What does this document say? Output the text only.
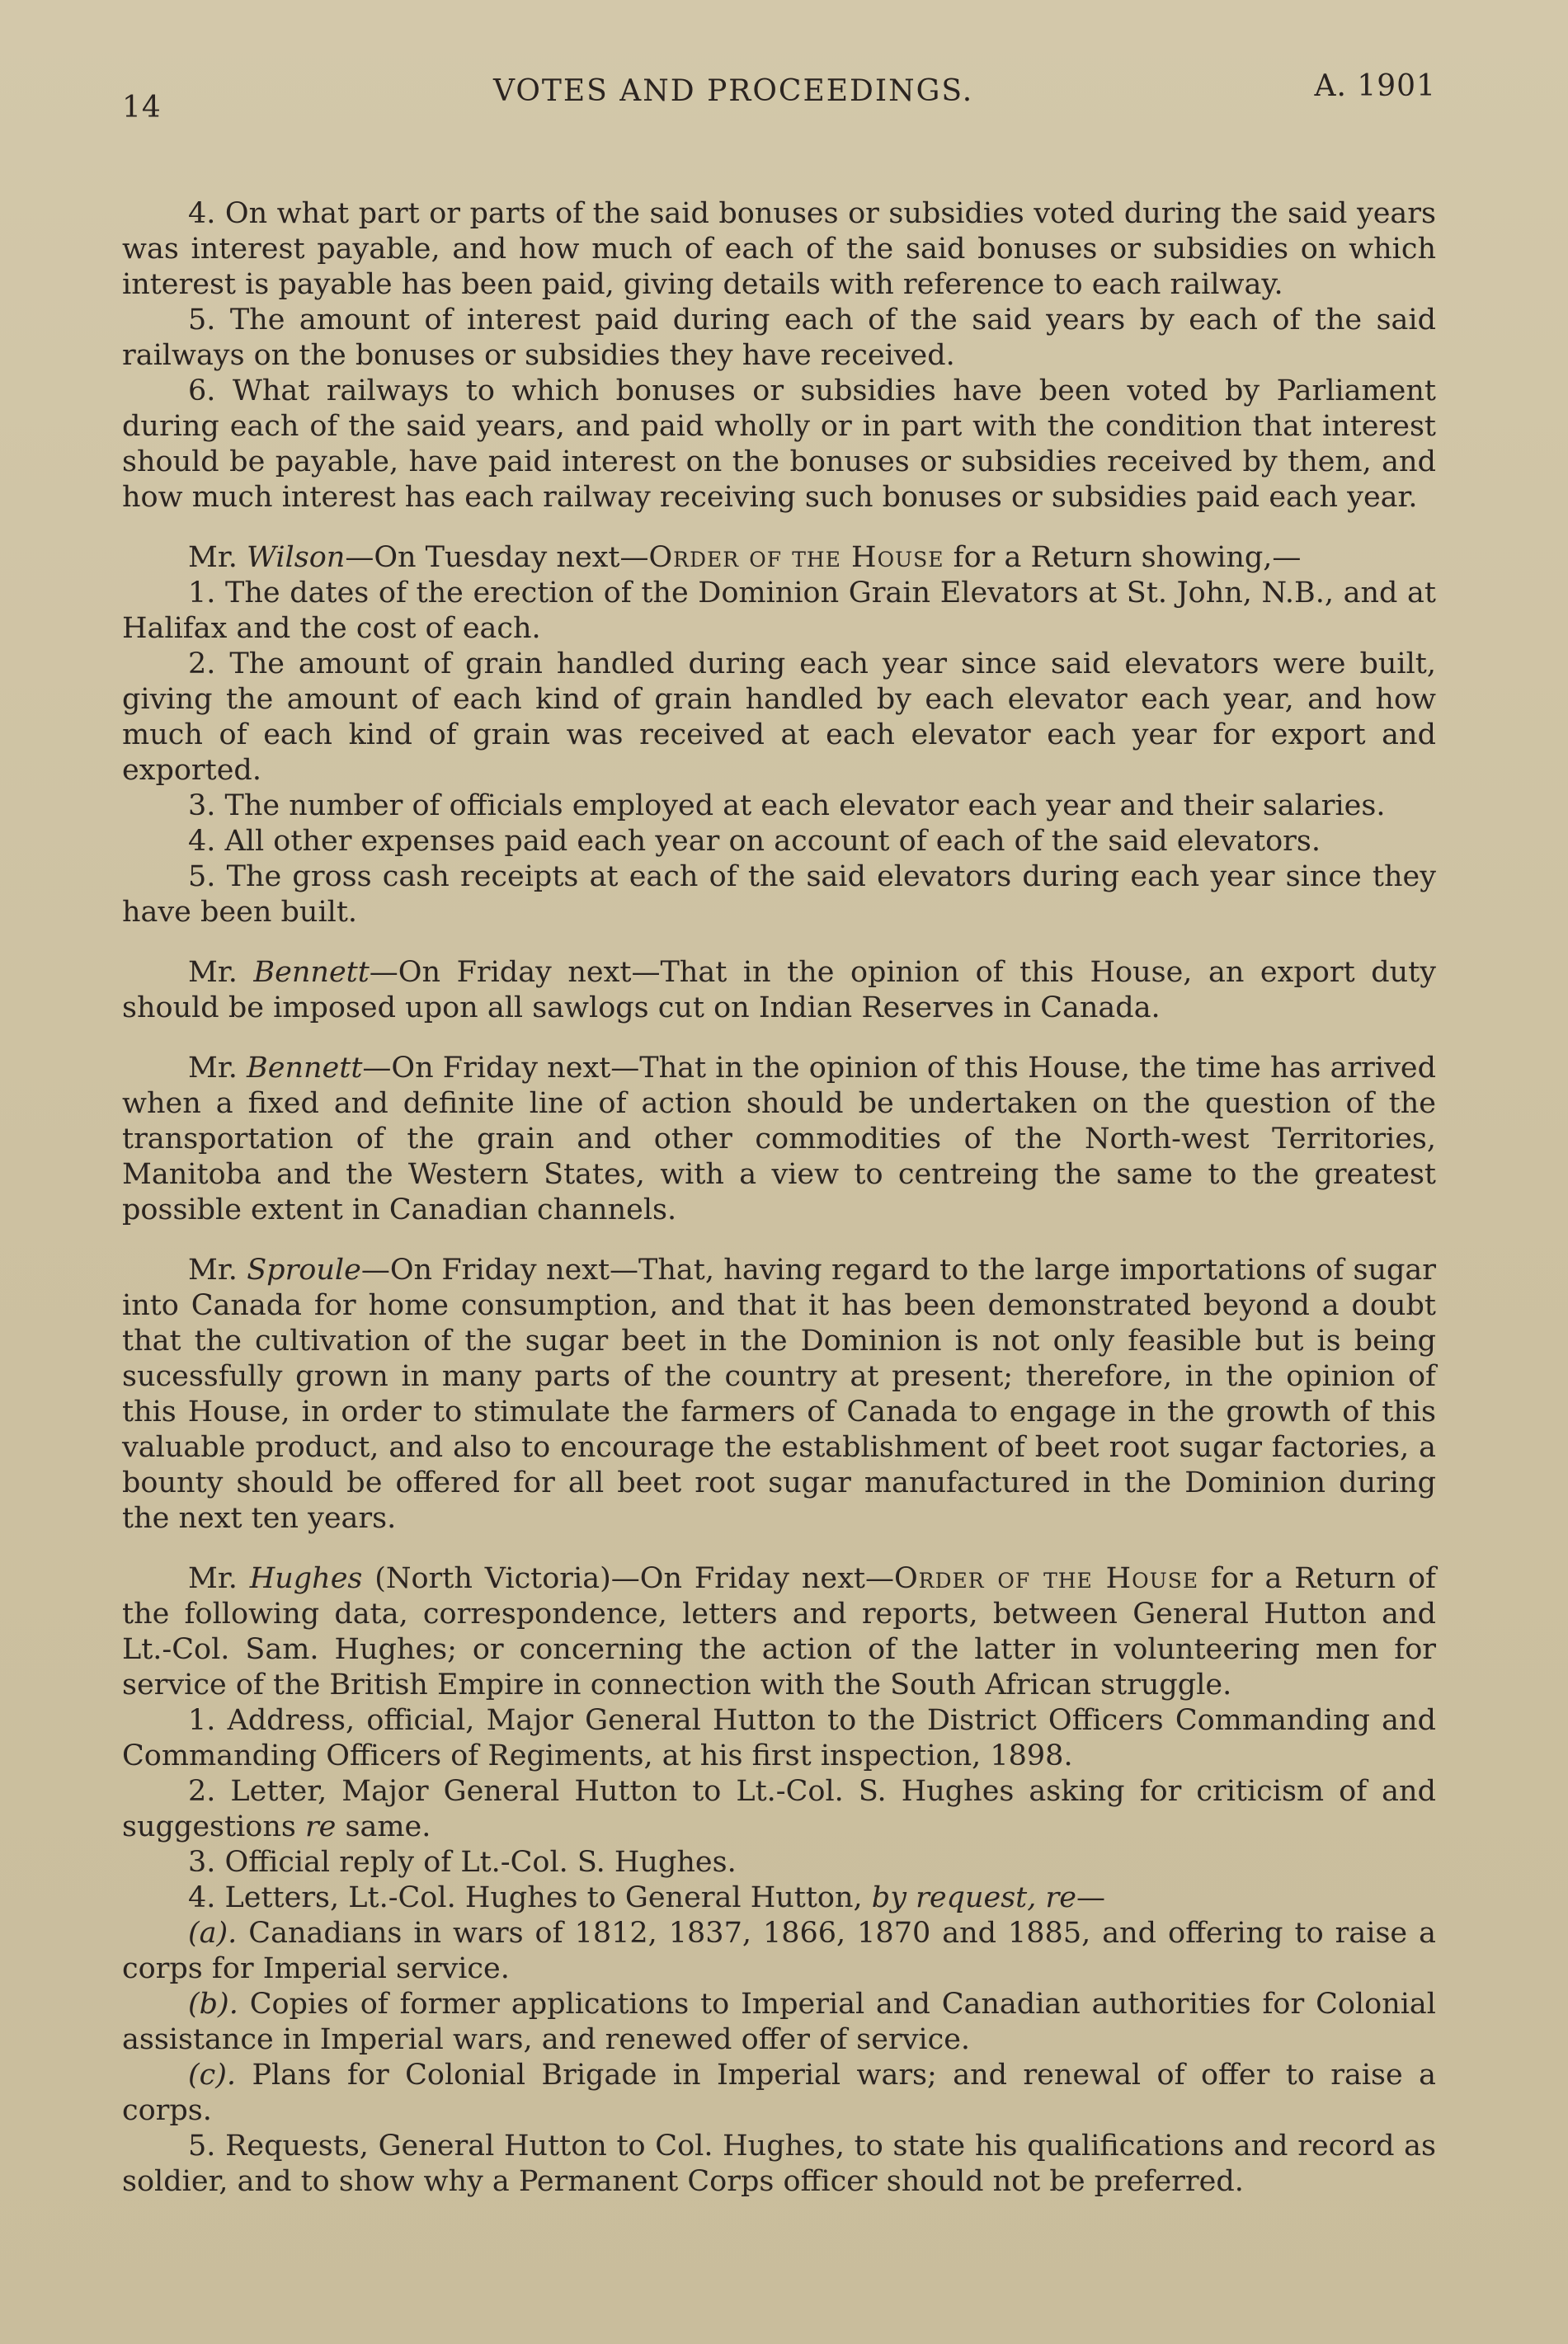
14	VOTES AND PROCEEDINGS.	A. 1901

4. On what part or parts of the said bonuses or subsidies voted during the said years was interest payable, and how much of each of the said bonuses or subsidies on which interest is payable has been paid, giving details with reference to each railway.

5. The amount of interest paid during each of the said years by each of the said railways on the bonuses or subsidies they have received.

6. What railways to which bonuses or subsidies have been voted by Parliament during each of the said years, and paid wholly or in part with the condition that interest should be payable, have paid interest on the bonuses or subsidies received by them, and how much interest has each railway receiving such bonuses or subsidies paid each year.

Mr. Wilson—On Tuesday next—Order of the House for a Return showing,—

1. The dates of the erection of the Dominion Grain Elevators at St. John, N.B., and at Halifax and the cost of each.

2. The amount of grain handled during each year since said elevators were built, giving the amount of each kind of grain handled by each elevator each year, and how much of each kind of grain was received at each elevator each year for export and exported.

3. The number of officials employed at each elevator each year and their salaries.

4. All other expenses paid each year on account of each of the said elevators.

5. The gross cash receipts at each of the said elevators during each year since they have been built.

Mr. Bennett—On Friday next—That in the opinion of this House, an export duty should be imposed upon all sawlogs cut on Indian Reserves in Canada.

Mr. Bennett—On Friday next—That in the opinion of this House, the time has arrived when a fixed and definite line of action should be undertaken on the question of the transportation of the grain and other commodities of the North-west Territories, Manitoba and the Western States, with a view to centreing the same to the greatest possible extent in Canadian channels.

Mr. Sproule—On Friday next—That, having regard to the large importations of sugar into Canada for home consumption, and that it has been demonstrated beyond a doubt that the cultivation of the sugar beet in the Dominion is not only feasible but is being sucessfully grown in many parts of the country at present; therefore, in the opinion of this House, in order to stimulate the farmers of Canada to engage in the growth of this valuable product, and also to encourage the establishment of beet root sugar factories, a bounty should be offered for all beet root sugar manufactured in the Dominion during the next ten years.

Mr. Hughes (North Victoria)—On Friday next—Order of the House for a Return of the following data, correspondence, letters and reports, between General Hutton and Lt.-Col. Sam. Hughes; or concerning the action of the latter in volunteering men for service of the British Empire in connection with the South African struggle.

1. Address, official, Major General Hutton to the District Officers Commanding and Commanding Officers of Regiments, at his first inspection, 1898.

2. Letter, Major General Hutton to Lt.-Col. S. Hughes asking for criticism of and suggestions re same.

3. Official reply of Lt.-Col. S. Hughes.

4. Letters, Lt.-Col. Hughes to General Hutton, by request, re—

(a). Canadians in wars of 1812, 1837, 1866, 1870 and 1885, and offering to raise a corps for Imperial service.

(b). Copies of former applications to Imperial and Canadian authorities for Colonial assistance in Imperial wars, and renewed offer of service.

(c). Plans for Colonial Brigade in Imperial wars; and renewal of offer to raise a corps.

5. Requests, General Hutton to Col. Hughes, to state his qualifications and record as soldier, and to show why a Permanent Corps officer should not be preferred.
